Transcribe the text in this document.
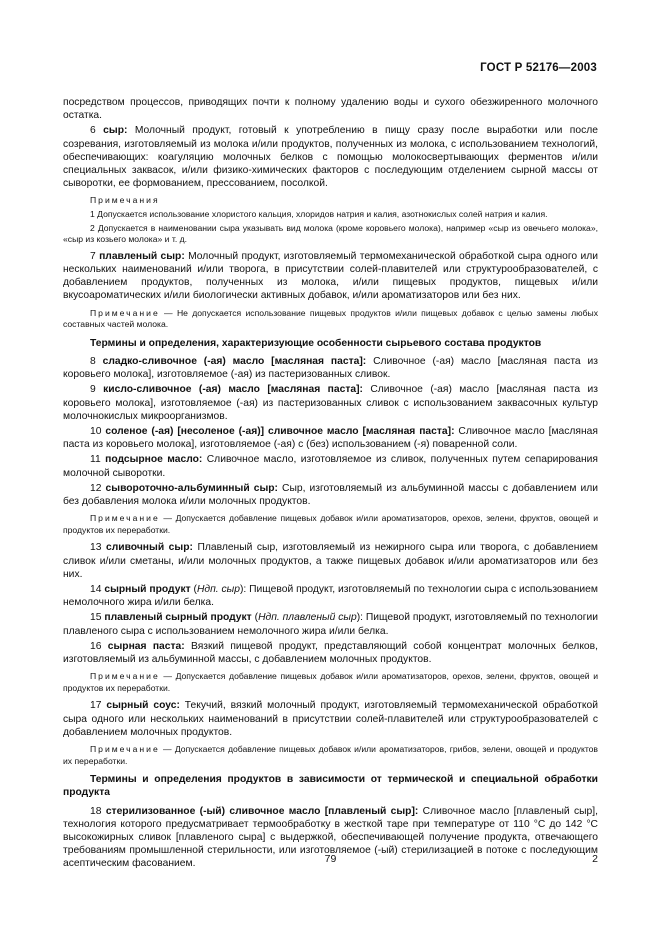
ГОСТ Р 52176—2003

посредством процессов, приводящих почти к полному удалению воды и сухого обезжиренного молочного остатка.

6 сыр: Молочный продукт, готовый к употреблению в пищу сразу после выработки или после созревания, изготовляемый из молока и/или продуктов, полученных из молока, с использованием технологий, обеспечивающих: коагуляцию молочных белков с помощью молокосвертывающих ферментов и/или специальных заквасок, и/или физико-химических факторов с последующим отделением сырной массы от сыворотки, ее формованием, прессованием, посолкой.

Примечания

1 Допускается использование хлористого кальция, хлоридов натрия и калия, азотнокислых солей натрия и калия.

2 Допускается в наименовании сыра указывать вид молока (кроме коровьего молока), например «сыр из овечьего молока», «сыр из козьего молока» и т. д.

7 плавленый сыр: Молочный продукт, изготовляемый термомеханической обработкой сыра одного или нескольких наименований и/или творога, в присутствии солей-плавителей или структурообразователей, с добавлением продуктов, полученных из молока, и/или пищевых продуктов, пищевых и/или вкусоароматических и/или биологически активных добавок, и/или ароматизаторов или без них.

Примечание — Не допускается использование пищевых продуктов и/или пищевых добавок с целью замены любых составных частей молока.

Термины и определения, характеризующие особенности сырьевого состава продуктов

8 сладко-сливочное (-ая) масло [масляная паста]: Сливочное (-ая) масло [масляная паста из коровьего молока], изготовляемое (-ая) из пастеризованных сливок.

9 кисло-сливочное (-ая) масло [масляная паста]: Сливочное (-ая) масло [масляная паста из коровьего молока], изготовляемое (-ая) из пастеризованных сливок с использованием заквасочных культур молочнокислых микроорганизмов.

10 соленое (-ая) [несоленое (-ая)] сливочное масло [масляная паста]: Сливочное масло [масляная паста из коровьего молока], изготовляемое (-ая) с (без) использованием (-я) поваренной соли.

11 подсырное масло: Сливочное масло, изготовляемое из сливок, полученных путем сепарирования молочной сыворотки.

12 сывороточно-альбуминный сыр: Сыр, изготовляемый из альбуминной массы с добавлением или без добавления молока и/или молочных продуктов.

Примечание — Допускается добавление пищевых добавок и/или ароматизаторов, орехов, зелени, фруктов, овощей и продуктов их переработки.

13 сливочный сыр: Плавленый сыр, изготовляемый из нежирного сыра или творога, с добавлением сливок и/или сметаны, и/или молочных продуктов, а также пищевых добавок и/или ароматизаторов или без них.

14 сырный продукт (Ндп. сыр): Пищевой продукт, изготовляемый по технологии сыра с использованием немолочного жира и/или белка.

15 плавленый сырный продукт (Ндп. плавленый сыр): Пищевой продукт, изготовляемый по технологии плавленого сыра с использованием немолочного жира и/или белка.

16 сырная паста: Вязкий пищевой продукт, представляющий собой концентрат молочных белков, изготовляемый из альбуминной массы, с добавлением молочных продуктов.

Примечание — Допускается добавление пищевых добавок и/или ароматизаторов, орехов, зелени, фруктов, овощей и продуктов их переработки.

17 сырный соус: Текучий, вязкий молочный продукт, изготовляемый термомеханической обработкой сыра одного или нескольких наименований в присутствии солей-плавителей или структурообразователей с добавлением молочных продуктов.

Примечание — Допускается добавление пищевых добавок и/или ароматизаторов, грибов, зелени, овощей и продуктов их переработки.

Термины и определения продуктов в зависимости от термической и специальной обработки продукта

18 стерилизованное (-ый) сливочное масло [плавленый сыр]: Сливочное масло [плавленый сыр], технология которого предусматривает термообработку в жесткой таре при температуре от 110 °С до 142 °С высокожирных сливок [плавленого сыра] с выдержкой, обеспечивающей получение продукта, отвечающего требованиям промышленной стерильности, или изготовляемое (-ый) стерилизацией в потоке с последующим асептическим фасованием.	79	2
